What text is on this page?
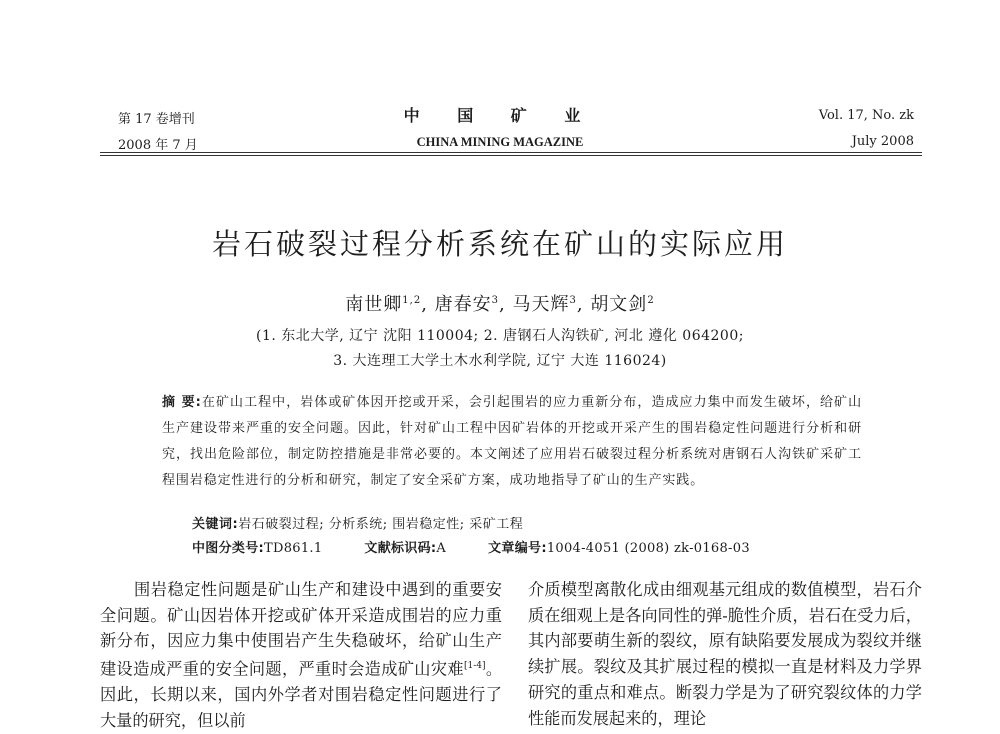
第 17 卷增刊
2008 年 7 月
中 国 矿 业
CHINA MINING MAGAZINE
Vol. 17, No. zk
July 2008
岩石破裂过程分析系统在矿山的实际应用
南世卿$^{1,2}$, 唐春安$^3$, 马天辉$^3$, 胡文剑$^2$
(1. 东北大学, 辽宁 沈阳 110004; 2. 唐钢石人沟铁矿, 河北 遵化 064200;
3. 大连理工大学土木水利学院, 辽宁 大连 116024)
摘 要:在矿山工程中，岩体或矿体因开挖或开采，会引起围岩的应力重新分布，造成应力集中而发生破坏，给矿山生产建设带来严重的安全问题。因此，针对矿山工程中因矿岩体的开挖或开采产生的围岩稳定性问题进行分析和研究，找出危险部位，制定防控措施是非常必要的。本文阐述了应用岩石破裂过程分析系统对唐钢石人沟铁矿采矿工程围岩稳定性进行的分析和研究，制定了安全采矿方案，成功地指导了矿山的生产实践。
关键词:岩石破裂过程; 分析系统; 围岩稳定性; 采矿工程
中图分类号:TD861.1	文献标识码:A	文章编号:1004-4051 (2008) zk-0168-03
围岩稳定性问题是矿山生产和建设中遇到的重要安全问题。矿山因岩体开挖或矿体开采造成围岩的应力重新分布，因应力集中使围岩产生失稳破坏，给矿山生产建设造成严重的安全问题，严重时会造成矿山灾难[1-4]。因此，长期以来，国内外学者对围岩稳定性问题进行了大量的研究，但以前
介质模型离散化成由细观基元组成的数值模型，岩石介质在细观上是各向同性的弹-脆性介质，岩石在受力后，其内部要萌生新的裂纹，原有缺陷要发展成为裂纹并继续扩展。裂纹及其扩展过程的模拟一直是材料及力学界研究的重点和难点。断裂力学是为了研究裂纹体的力学性能而发展起来的，理论
